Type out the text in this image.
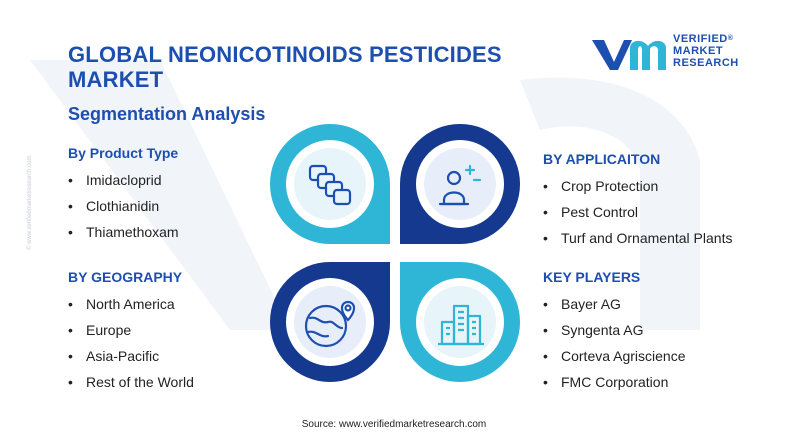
© www.verifiedmarketresearch.com
GLOBAL NEONICOTINOIDS PESTICIDES MARKET
Segmentation Analysis
VERIFIED®
MARKET
RESEARCH
By Product Type
• Imidacloprid
• Clothianidin
• Thiamethoxam
BY GEOGRAPHY
• North America
• Europe
• Asia-Pacific
• Rest of the World
BY APPLICAITON
• Crop Protection
• Pest Control
• Turf and Ornamental Plants
KEY PLAYERS
• Bayer AG
• Syngenta AG
• Corteva Agriscience
• FMC Corporation
Source: www.verifiedmarketresearch.com
